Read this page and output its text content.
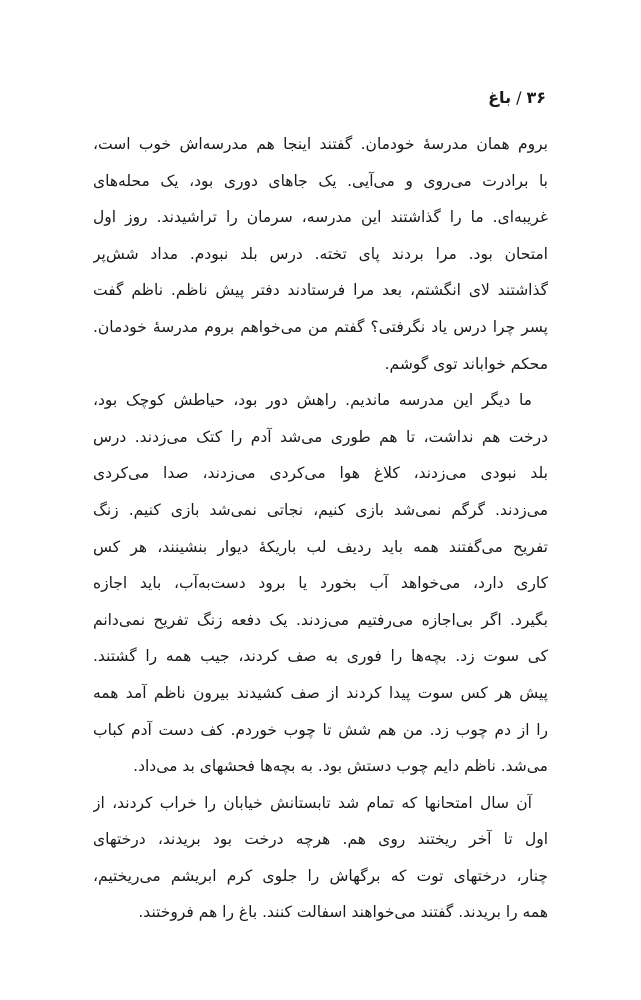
۳۶/باغ
بروم همان مدرسهٔ خودمان. گفتند اینجا هم مدرسه‌اش خوب است،
با برادرت می‌روی و می‌آیی. یک جاهای دوری بود، یک محله‌های
غریبه‌ای. ما را گذاشتند این مدرسه، سرمان را تراشیدند. روز اول
امتحان بود. مرا بردند پای تخته. درس بلد نبودم. مداد شش‌پر
گذاشتند لای انگشتم، بعد مرا فرستادند دفتر پیش ناظم. ناظم گفت
پسر چرا درس یاد نگرفتی؟ گفتم من می‌خواهم بروم مدرسهٔ خودمان.
محکم خواباند توی گوشم.
ما دیگر این مدرسه ماندیم. راهش دور بود، حیاطش کوچک بود،
درخت هم نداشت، تا هم طوری می‌شد آدم را کتک می‌زدند. درس
بلد نبودی می‌زدند، کلاغ هوا می‌کردی می‌زدند، صدا می‌کردی
می‌زدند. گرگم نمی‌شد بازی کنیم، نجاتی نمی‌شد بازی کنیم. زنگ
تفریح می‌گفتند همه باید ردیف لب باریکهٔ دیوار بنشینند، هر کس
کاری دارد، می‌خواهد آب بخورد یا برود دست‌به‌آب، باید اجازه
بگیرد. اگر بی‌اجازه می‌رفتیم می‌زدند. یک دفعه زنگ تفریح نمی‌دانم
کی سوت زد. بچه‌ها را فوری به صف کردند، جیب همه را گشتند.
پیش هر کس سوت پیدا کردند از صف کشیدند بیرون ناظم آمد همه
را از دم چوب زد. من هم شش تا چوب خوردم. کف دست آدم کباب
می‌شد. ناظم دایم چوب دستش بود. به بچه‌ها فحشهای بد می‌داد.
آن سال امتحانها که تمام شد تابستانش خیابان را خراب کردند، از
اول تا آخر ریختند روی هم. هرچه درخت بود بریدند، درختهای
چنار، درختهای توت که برگهاش را جلوی کرم ابریشم می‌ریختیم،
همه را بریدند. گفتند می‌خواهند اسفالت کنند. باغ را هم فروختند.
